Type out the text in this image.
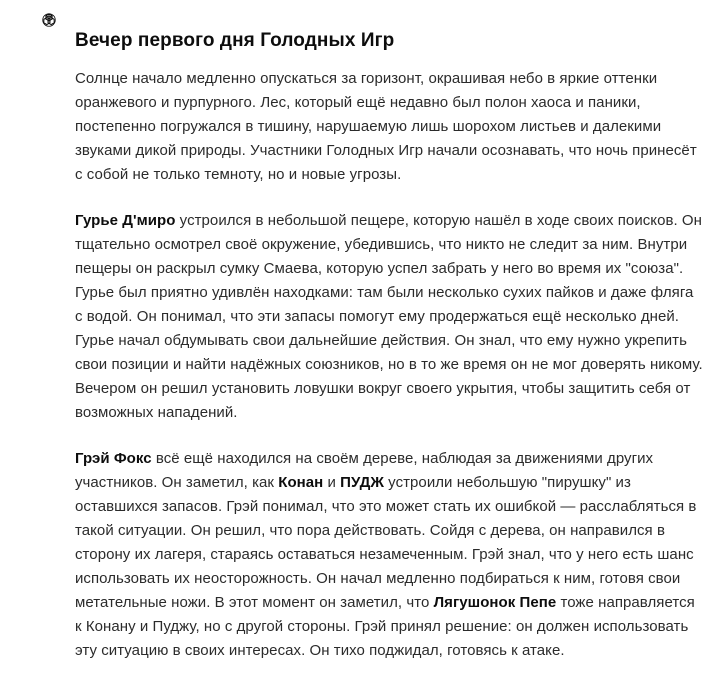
Вечер первого дня Голодных Игр

Солнце начало медленно опускаться за горизонт, окрашивая небо в яркие оттенки оранжевого и пурпурного. Лес, который ещё недавно был полон хаоса и паники, постепенно погружался в тишину, нарушаемую лишь шорохом листьев и далекими звуками дикой природы. Участники Голодных Игр начали осознавать, что ночь принесёт с собой не только темноту, но и новые угрозы.

Гурье Д'миро устроился в небольшой пещере, которую нашёл в ходе своих поисков. Он тщательно осмотрел своё окружение, убедившись, что никто не следит за ним. Внутри пещеры он раскрыл сумку Смаева, которую успел забрать у него во время их "союза". Гурье был приятно удивлён находками: там были несколько сухих пайков и даже фляга с водой. Он понимал, что эти запасы помогут ему продержаться ещё несколько дней. Гурье начал обдумывать свои дальнейшие действия. Он знал, что ему нужно укрепить свои позиции и найти надёжных союзников, но в то же время он не мог доверять никому. Вечером он решил установить ловушки вокруг своего укрытия, чтобы защитить себя от возможных нападений.

Грэй Фокс всё ещё находился на своём дереве, наблюдая за движениями других участников. Он заметил, как Конан и ПУДЖ устроили небольшую "пирушку" из оставшихся запасов. Грэй понимал, что это может стать их ошибкой — расслабляться в такой ситуации. Он решил, что пора действовать. Сойдя с дерева, он направился в сторону их лагеря, стараясь оставаться незамеченным. Грэй знал, что у него есть шанс использовать их неосторожность. Он начал медленно подбираться к ним, готовя свои метательные ножи. В этот момент он заметил, что Лягушонок Пепе тоже направляется к Конану и Пуджу, но с другой стороны. Грэй принял решение: он должен использовать эту ситуацию в своих интересах. Он тихо поджидал, готовясь к атаке.
